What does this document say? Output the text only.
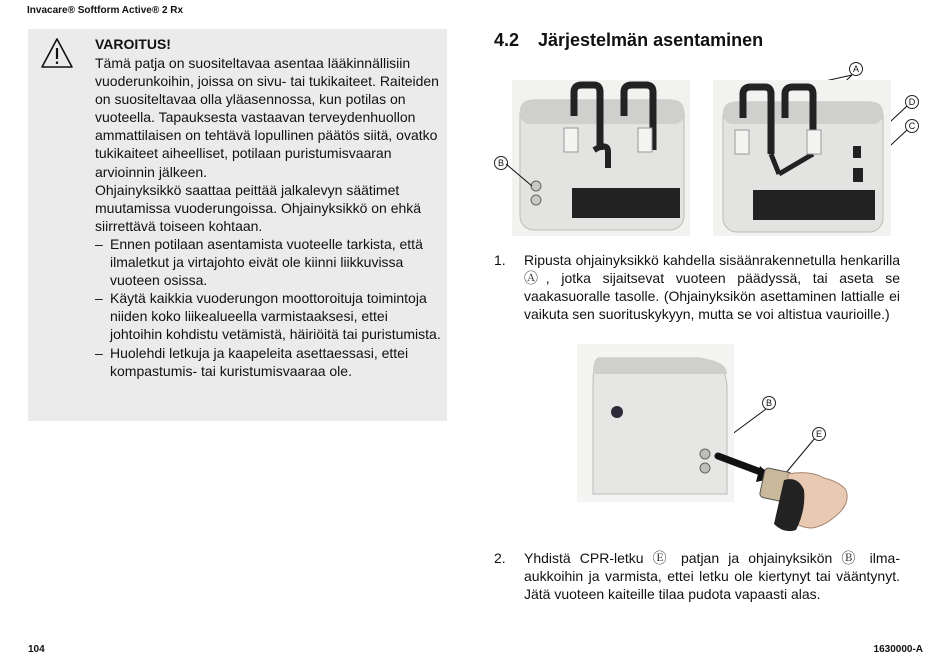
Invacare® Softform Active® 2 Rx
VAROITUS!

Tämä patja on suositeltavaa asentaa lääkinnällisiin vuoderunkoihin, joissa on sivu- tai tukikaiteet. Raiteiden on suositeltavaa olla yläasennossa, kun potilas on vuoteella. Tapauksesta vastaavan terveydenhuollon ammattilaisen on tehtävä lopullinen päätös siitä, ovatko tukikaiteet aiheelliset, potilaan puristumisvaaran arvioinnin jälkeen.

Ohjainyksikkö saattaa peittää jalkalevyn säätimet muutamissa vuoderungoissa. Ohjainyksikkö on ehkä siirrettävä toiseen kohtaan.

– Ennen potilaan asentamista vuoteelle tarkista, että ilmaletkut ja virtajohto eivät ole kiinni liikkuvissa vuoteen osissa.
– Käytä kaikkia vuoderungon moottoroituja toimintoja niiden koko liikealueella varmistaaksesi, ettei johtoihin kohdistu vetämistä, häiriöitä tai puristumista.
– Huolehdi letkuja ja kaapeleita asettaessasi, ettei kompastumis- tai kuristumisvaaraa ole.
4.2 Järjestelmän asentaminen
B
A
D
C
1. Ripusta ohjainyksikkö kahdella sisäänrakennetulla henkarilla Ⓐ, jotka sijaitsevat vuoteen päädyssä, tai aseta se vaakasuoralle tasolle. (Ohjainyksikön asettaminen lattialle ei vaikuta sen suorituskykyyn, mutta se voi altistua vaurioille.)
B
E
2. Yhdistä CPR-letku Ⓔ patjan ja ohjainyksikön Ⓑ ilma-aukkoihin ja varmista, ettei letku ole kiertynyt tai vääntynyt. Jätä vuoteen kaiteille tilaa pudota vapaasti alas.
104	1630000-A
